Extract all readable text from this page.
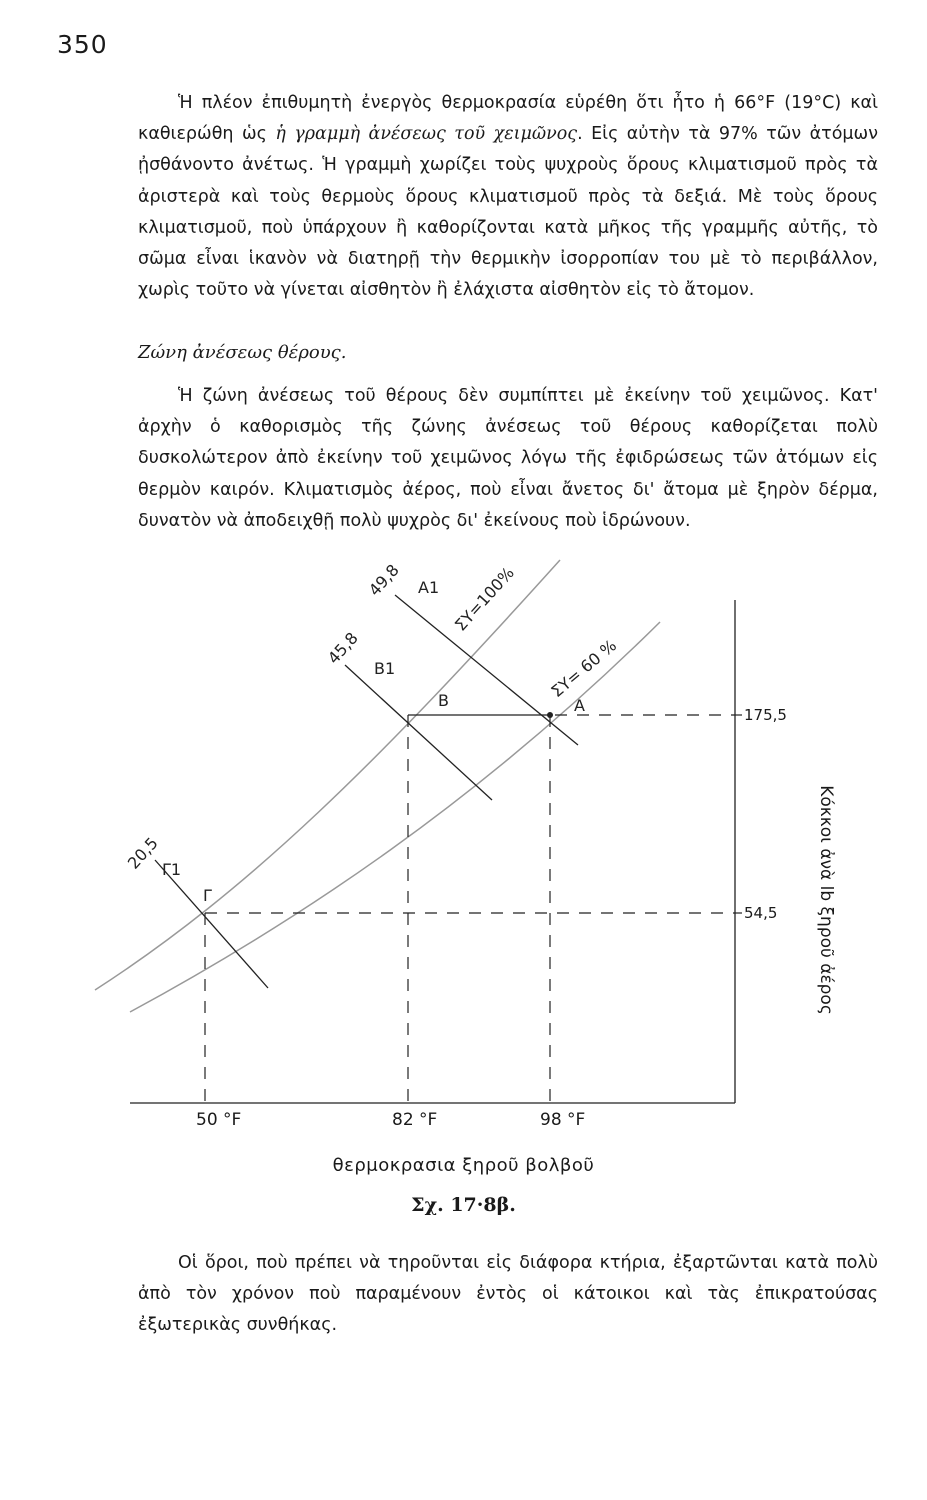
350
Ἡ πλέον ἐπιθυμητὴ ἐνεργὸς θερμοκρασία εὑρέθη ὅτι ἦτο ἡ 66°F (19°C) καὶ καθιερώθη ὡς ἡ γραμμὴ ἀνέσεως τοῦ χειμῶνος. Εἰς αὐτὴν τὰ 97% τῶν ἀτόμων ᾐσθάνοντο ἀνέτως. Ἡ γραμμὴ χωρίζει τοὺς ψυχροὺς ὅρους κλιματισμοῦ πρὸς τὰ ἀριστερὰ καὶ τοὺς θερμοὺς ὅρους κλιματισμοῦ πρὸς τὰ δεξιά. Μὲ τοὺς ὅρους κλιματισμοῦ, ποὺ ὑπάρχουν ἢ καθορίζονται κατὰ μῆκος τῆς γραμμῆς αὐτῆς, τὸ σῶμα εἶναι ἱκανὸν νὰ διατηρῇ τὴν θερμικὴν ἰσορροπίαν του μὲ τὸ περιβάλλον, χωρὶς τοῦτο νὰ γίνεται αἰσθητὸν ἢ ἐλάχιστα αἰσθητὸν εἰς τὸ ἄτομον.
Ζώνη ἀνέσεως θέρους.
Ἡ ζώνη ἀνέσεως τοῦ θέρους δὲν συμπίπτει μὲ ἐκείνην τοῦ χειμῶνος. Κατ' ἀρχὴν ὁ καθορισμὸς τῆς ζώνης ἀνέσεως τοῦ θέρους καθορίζεται πολὺ δυσκολώτερον ἀπὸ ἐκείνην τοῦ χειμῶνος λόγω τῆς ἐφιδρώσεως τῶν ἀτόμων εἰς θερμὸν καιρόν. Κλιματισμὸς ἀέρος, ποὺ εἶναι ἄνετος δι' ἄτομα μὲ ξηρὸν δέρμα, δυνατὸν νὰ ἀποδειχθῇ πολὺ ψυχρὸς δι' ἐκείνους ποὺ ἱδρώνουν.
ΣΥ=100%
ΣΥ= 60 %
Α
Β
Γ
49,8 Α1
45,8
Β1
20,5 Γ1
50 °F	82 °F	98 °F
175,5
54,5 Κόκκοι ἀνὰ lb ξηροῦ ἀέρος
θερμοκρασια ξηροῦ βολβοῦ
Σχ. 17·8β.
Οἱ ὅροι, ποὺ πρέπει νὰ τηροῦνται εἰς διάφορα κτήρια, ἐξαρτῶνται κατὰ πολὺ ἀπὸ τὸν χρόνον ποὺ παραμένουν ἐντὸς οἱ κάτοικοι καὶ τὰς ἐπικρατούσας ἐξωτερικὰς συνθήκας.
